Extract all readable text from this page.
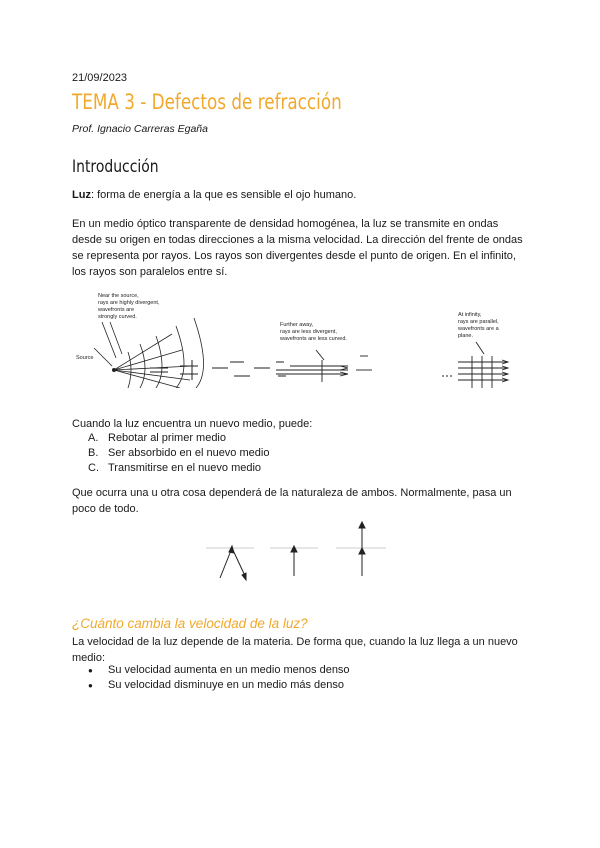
21/09/2023
TEMA 3 - Defectos de refracción
Prof. Ignacio Carreras Egaña
Introducción
Luz: forma de energía a la que es sensible el ojo humano.
En un medio óptico transparente de densidad homogénea, la luz se transmite en ondas desde su origen en todas direcciones a la misma velocidad. La dirección del frente de ondas se representa por rayos. Los rayos son divergentes desde el punto de origen. En el infinito, los rayos son paralelos entre sí.
Near the source,
rays are highly divergent,
wavefronts are
strongly curved.
Source
Further away,
rays are less divergent,
wavefronts are less curved.
At infinity,
rays are parallel,
wavefronts are a
plane.
Cuando la luz encuentra un nuevo medio, puede:
A. Rebotar al primer medio
B. Ser absorbido en el nuevo medio
C. Transmitirse en el nuevo medio
Que ocurra una u otra cosa dependerá de la naturaleza de ambos. Normalmente, pasa un poco de todo.
¿Cuánto cambia la velocidad de la luz?
La velocidad de la luz depende de la materia. De forma que, cuando la luz llega a un nuevo medio:
● Su velocidad aumenta en un medio menos denso
● Su velocidad disminuye en un medio más denso
